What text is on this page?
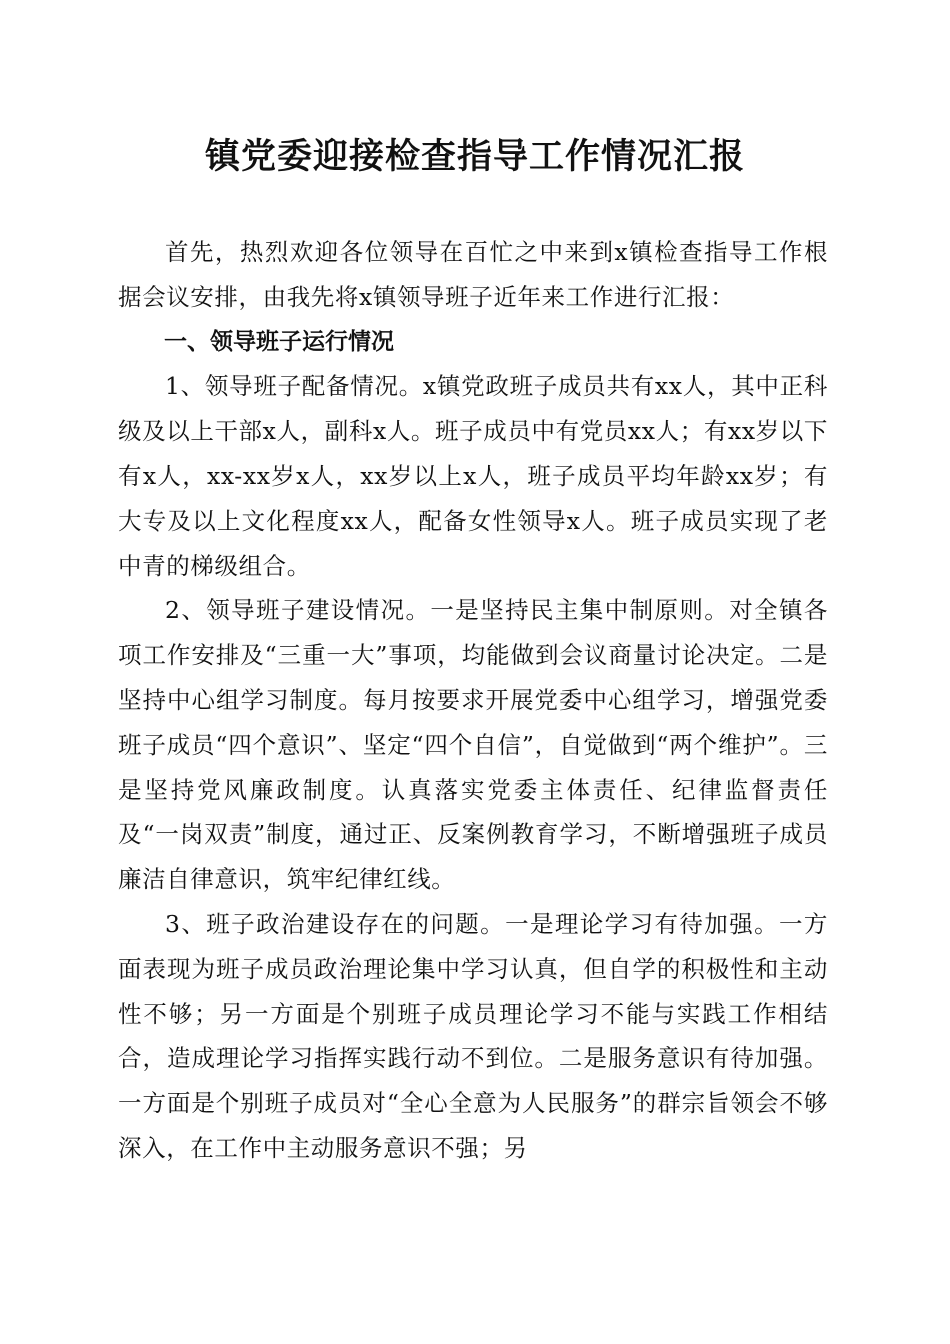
镇党委迎接检查指导工作情况汇报

首先，热烈欢迎各位领导在百忙之中来到x镇检查指导工作根据会议安排，由我先将x镇领导班子近年来工作进行汇报：

一、领导班子运行情况

1、领导班子配备情况。x镇党政班子成员共有xx人，其中正科级及以上干部x人，副科x人。班子成员中有党员xx人；有xx岁以下有x人，xx-xx岁x人，xx岁以上x人，班子成员平均年龄xx岁；有大专及以上文化程度xx人，配备女性领导x人。班子成员实现了老中青的梯级组合。

2、领导班子建设情况。一是坚持民主集中制原则。对全镇各项工作安排及“三重一大”事项，均能做到会议商量讨论决定。二是坚持中心组学习制度。每月按要求开展党委中心组学习，增强党委班子成员“四个意识”、坚定“四个自信”，自觉做到“两个维护”。三是坚持党风廉政制度。认真落实党委主体责任、纪律监督责任及“一岗双责”制度，通过正、反案例教育学习，不断增强班子成员廉洁自律意识，筑牢纪律红线。

3、班子政治建设存在的问题。一是理论学习有待加强。一方面表现为班子成员政治理论集中学习认真，但自学的积极性和主动性不够；另一方面是个别班子成员理论学习不能与实践工作相结合，造成理论学习指挥实践行动不到位。二是服务意识有待加强。一方面是个别班子成员对“全心全意为人民服务”的群宗旨领会不够深入，在工作中主动服务意识不强；另
